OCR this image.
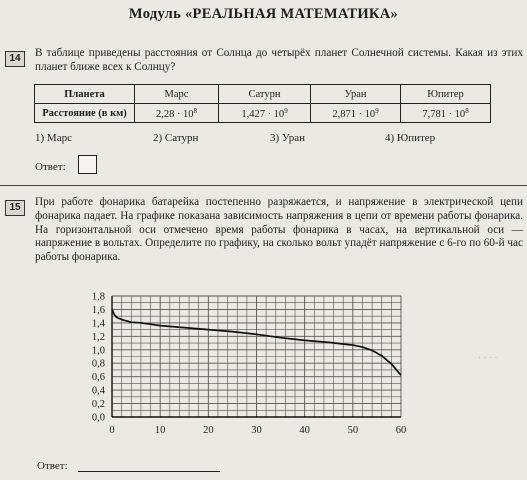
Модуль «РЕАЛЬНАЯ МАТЕМАТИКА»
14	В таблице приведены расстояния от Солнца до четырёх планет Солнечной системы. Какая из этих планет ближе всех к Солнцу?
Планета	Марс	Сатурн	Уран	Юпитер
Расстояние (в км)	$2,28 \cdot 10^8$	$1,427 \cdot 10^9$	$2,871 \cdot 10^9$	$7,781 \cdot 10^8$
1) Марс	2) Сатурн	3) Уран	4) Юпитер
Ответ:
15	При работе фонарика батарейка постепенно разряжается, и напряжение в электрической цепи фонарика падает. На графике показана зависимость напряжения в цепи от времени работы фонарика. На горизонтальной оси отмечено время работы фонарика в часах, на вертикальной оси — напряжение в вольтах. Определите по графику, на сколько вольт упадёт напряжение с 6-го по 60-й час работы фонарика.
0,0
0,2
0,4
0,6
0,8
1,0
1,2
1,4
1,6
1,8
0	10	20	30	40	50	60
· · · ·
Ответ:
